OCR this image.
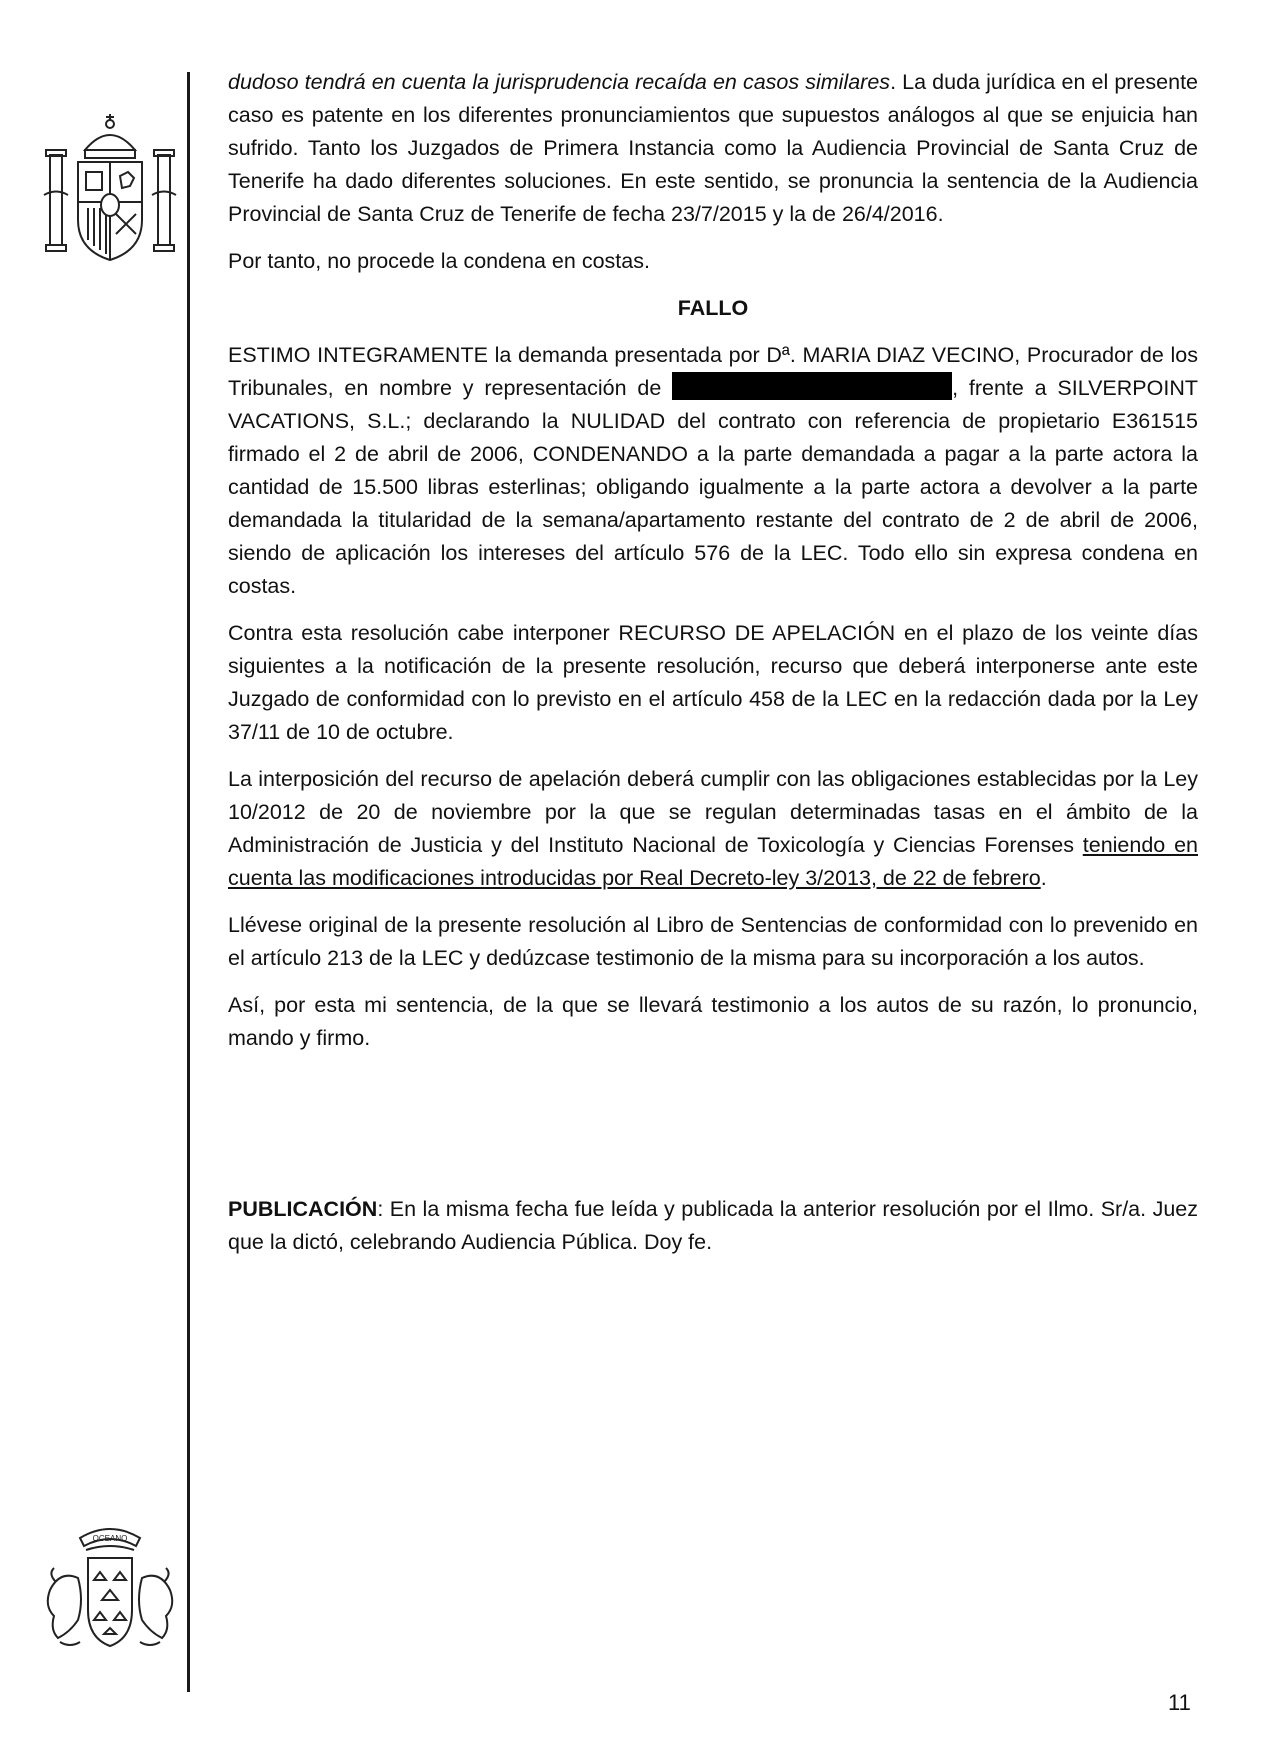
OCEANO

dudoso tendrá en cuenta la jurisprudencia recaída en casos similares. La duda jurídica en el presente caso es patente en los diferentes pronunciamientos que supuestos análogos al que se enjuicia han sufrido. Tanto los Juzgados de Primera Instancia como la Audiencia Provincial de Santa Cruz de Tenerife ha dado diferentes soluciones. En este sentido, se pronuncia la sentencia de la Audiencia Provincial de Santa Cruz de Tenerife de fecha 23/7/2015 y la de 26/4/2016.

Por tanto, no procede la condena en costas.

FALLO

ESTIMO INTEGRAMENTE la demanda presentada por Dª. MARIA DIAZ VECINO, Procurador de los Tribunales, en nombre y representación de	, frente a SILVERPOINT VACATIONS, S.L.; declarando la NULIDAD del contrato con referencia de propietario E361515 firmado el 2 de abril de 2006, CONDENANDO a la parte demandada a pagar a la parte actora la cantidad de 15.500 libras esterlinas; obligando igualmente a la parte actora a devolver a la parte demandada la titularidad de la semana/apartamento restante del contrato de 2 de abril de 2006, siendo de aplicación los intereses del artículo 576 de la LEC. Todo ello sin expresa condena en costas.

Contra esta resolución cabe interponer RECURSO DE APELACIÓN en el plazo de los veinte días siguientes a la notificación de la presente resolución, recurso que deberá interponerse ante este Juzgado de conformidad con lo previsto en el artículo 458 de la LEC en la redacción dada por la Ley 37/11 de 10 de octubre.

La interposición del recurso de apelación deberá cumplir con las obligaciones establecidas por la Ley 10/2012 de 20 de noviembre por la que se regulan determinadas tasas en el ámbito de la Administración de Justicia y del Instituto Nacional de Toxicología y Ciencias Forenses teniendo en cuenta las modificaciones introducidas por Real Decreto-ley 3/2013, de 22 de febrero.

Llévese original de la presente resolución al Libro de Sentencias de conformidad con lo prevenido en el artículo 213 de la LEC y dedúzcase testimonio de la misma para su incorporación a los autos.

Así, por esta mi sentencia, de la que se llevará testimonio a los autos de su razón, lo pronuncio, mando y firmo.

PUBLICACIÓN: En la misma fecha fue leída y publicada la anterior resolución por el Ilmo. Sr/a. Juez que la dictó, celebrando Audiencia Pública. Doy fe.

11
